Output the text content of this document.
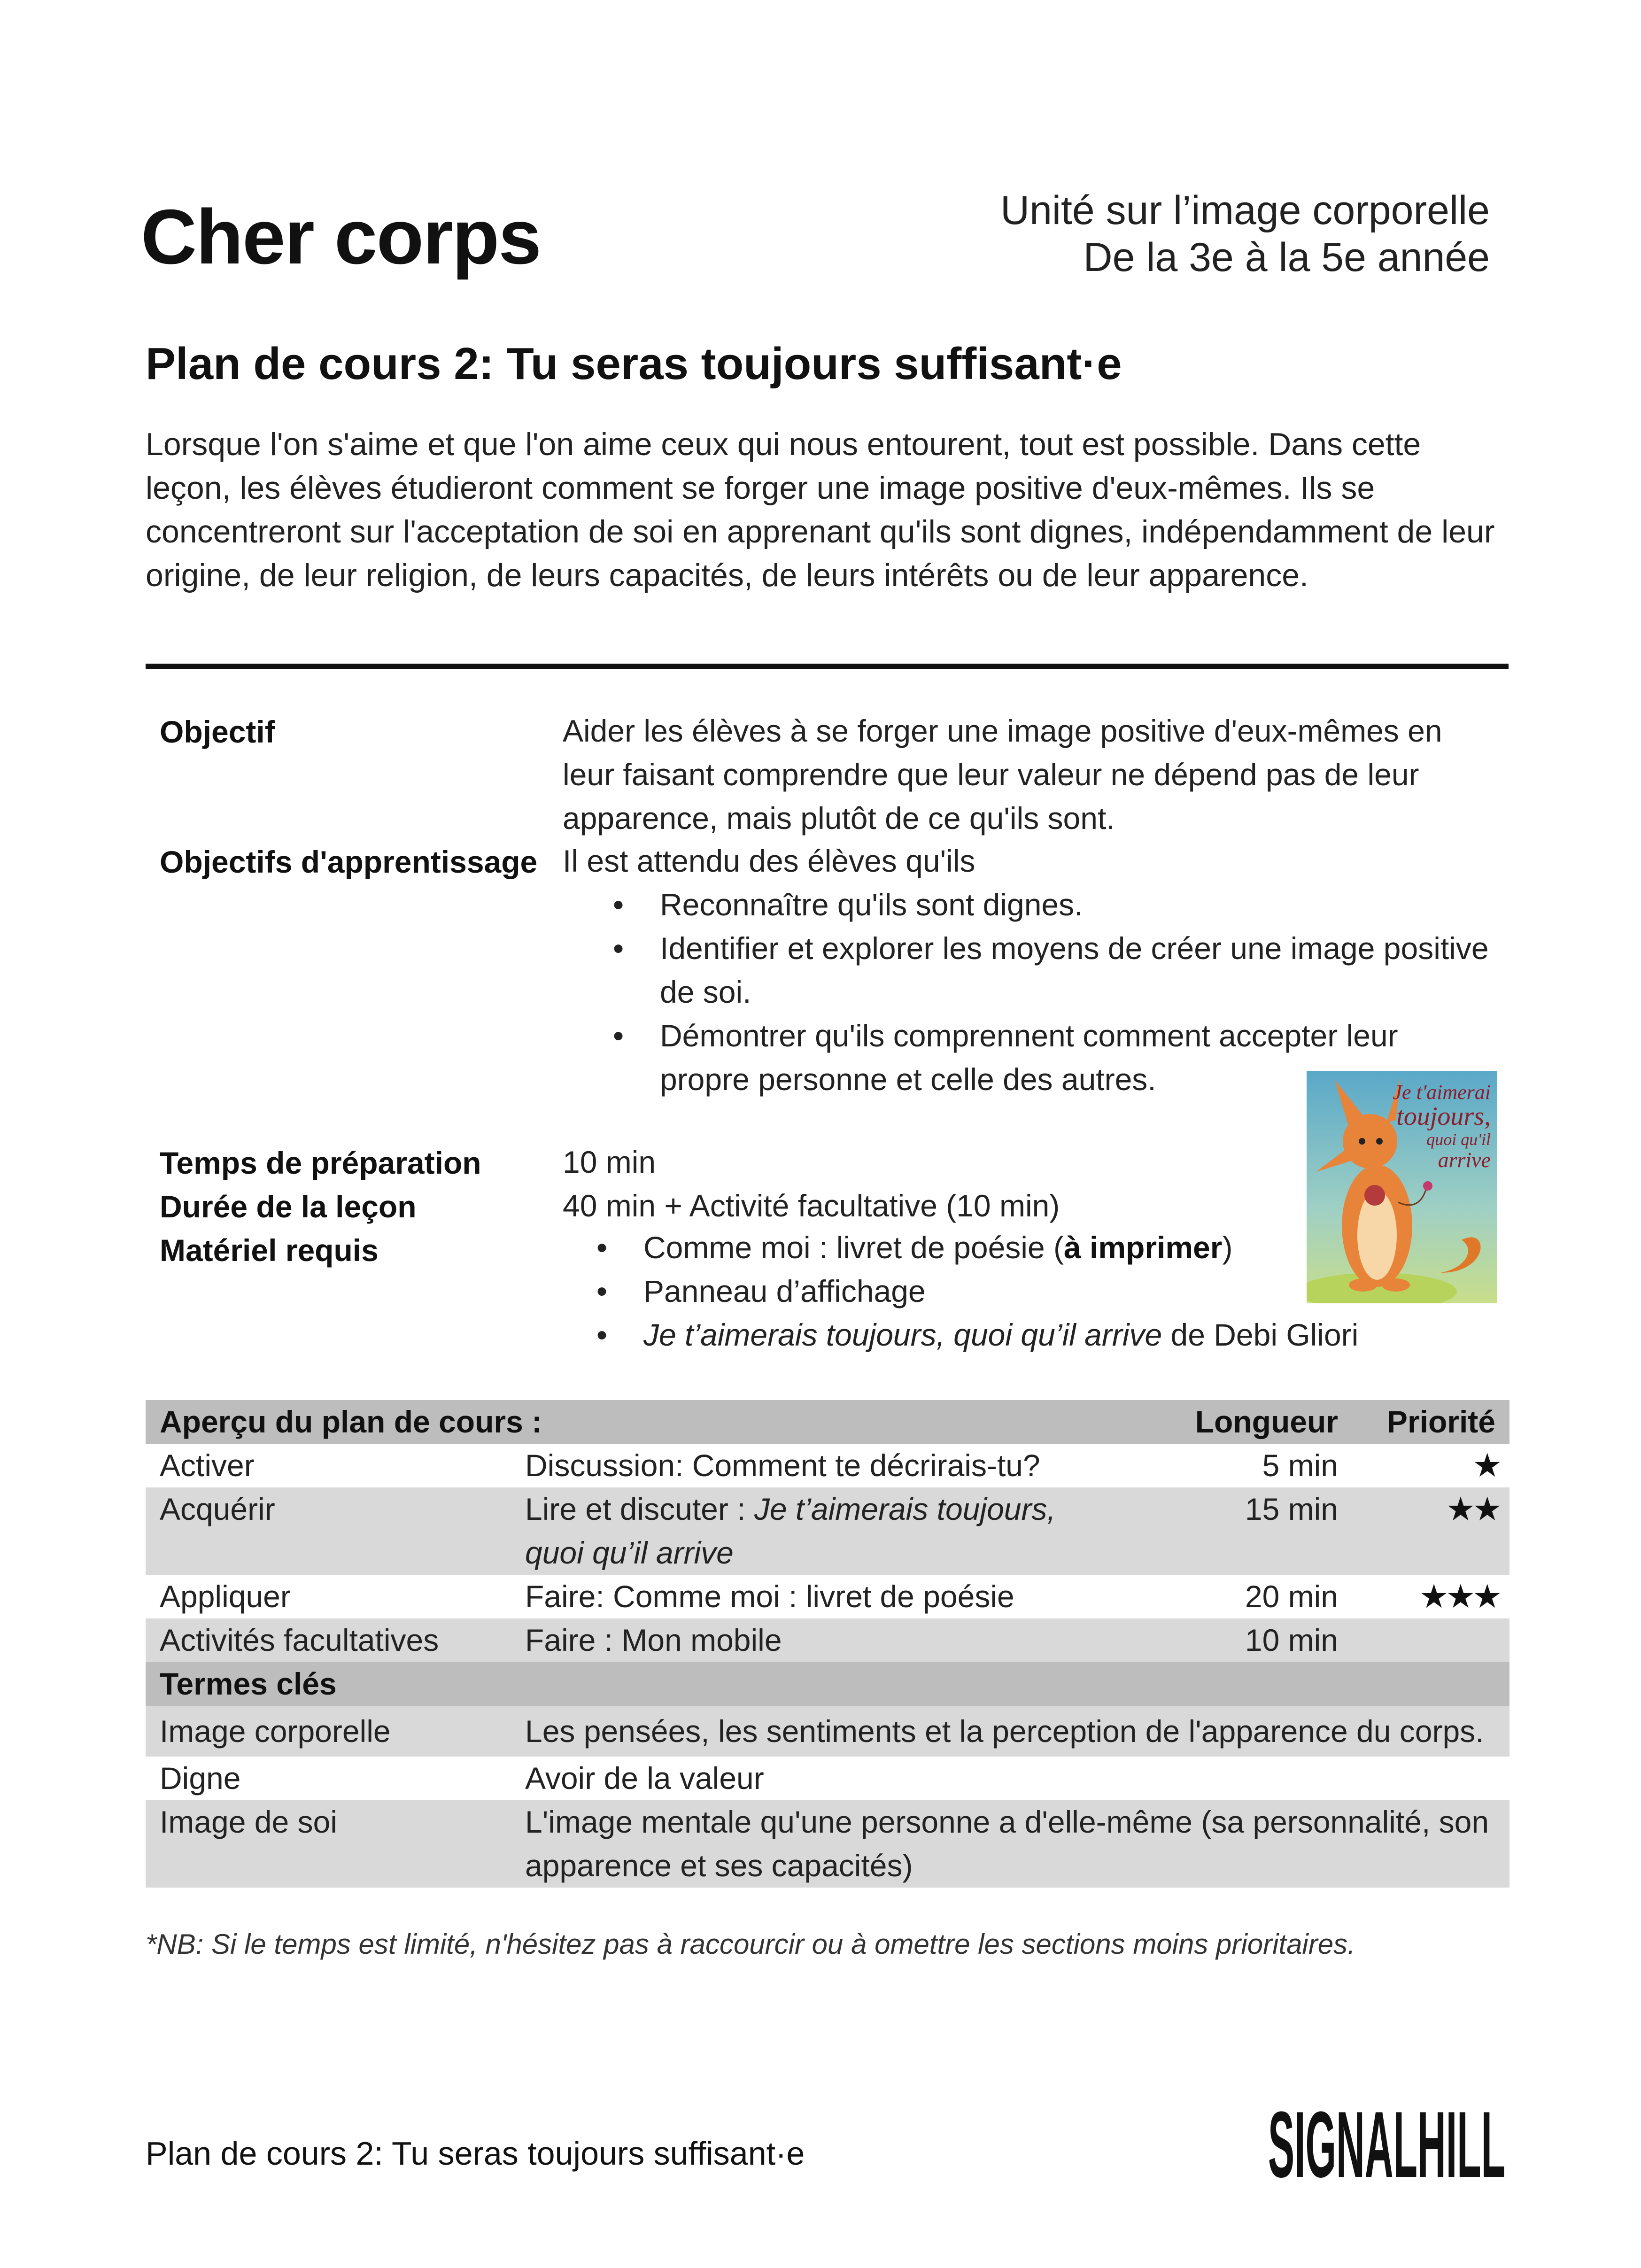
Cher corps	Unité sur l’image corporelle
De la 3e à la 5e année
Plan de cours 2: Tu seras toujours suffisant·e
Lorsque l'on s'aime et que l'on aime ceux qui nous entourent, tout est possible. Dans cette leçon, les élèves étudieront comment se forger une image positive d'eux-mêmes. Ils se concentreront sur l'acceptation de soi en apprenant qu'ils sont dignes, indépendamment de leur origine, de leur religion, de leurs capacités, de leurs intérêts ou de leur apparence.
Objectif	Aider les élèves à se forger une image positive d'eux-mêmes en leur faisant comprendre que leur valeur ne dépend pas de leur apparence, mais plutôt de ce qu'ils sont.
Objectifs d'apprentissage Il est attendu des élèves qu'ils
• Reconnaître qu'ils sont dignes.
• Identifier et explorer les moyens de créer une image positive de soi.
• Démontrer qu'ils comprennent comment accepter leur propre personne et celle des autres.	Je t'aimerai
toujours,
quoi qu'il
arrive
Temps de préparation	10 min
Durée de la leçon	40 min + Activité facultative (10 min)
Matériel requis
•	Comme moi : livret de poésie (à imprimer)
• Panneau d’affichage
• Je t’aimerais toujours, quoi qu’il arrive de Debi Gliori
Aperçu du plan de cours :	Longueur Priorité
Activer	Discussion: Comment te décrirais-tu?	5 min	★
Acquérir	Lire et discuter : Je t’aimerais toujours, quoi qu’il arrive
15 min	★★
Appliquer	Faire: Comme moi : livret de poésie	20 min ★★★
Activités facultatives	Faire : Mon mobile	10 min
Termes clés
Image corporelle	Les pensées, les sentiments et la perception de l'apparence du corps.
Digne	Avoir de la valeur
Image de soi	L'image mentale qu'une personne a d'elle-même (sa personnalité, son apparence et ses capacités)
*NB: Si le temps est limité, n'hésitez pas à raccourcir ou à omettre les sections moins prioritaires.
Plan de cours 2: Tu seras toujours suffisant·e	SIGNALHILL
